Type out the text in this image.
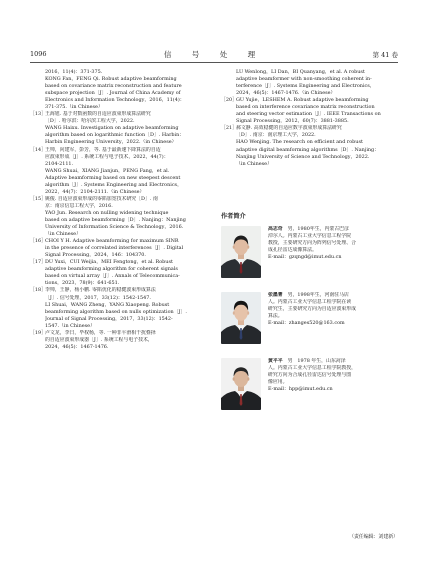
1096	信 号 处 理	第 41 卷
2016，11(4)：371-375.
KONG Fan，FENG Qi. Robust adaptive beamforming
based on covariance matrix reconstruction and feature
subspace projection［J］. Journal of China Academy of
Electronics and Information Technology，2016，11(4)：
371-375.（in Chinese）
［13］
王海旭. 基于对数函数的自适应波束形成算法研究
［D］. 哈尔滨：哈尔滨工程大学，2022.
WANG Haixu. Investigation on adaptive beamforming
algorithm based on logarithmic function［D］. Harbin：
Harbin Engineering University，2022.（in Chinese）
［14］
王帅，向建军，彭芳，等. 基于最新速下降算法的自适
应波束形成［J］. 系统工程与电子技术，2022，44(7)：
2104-2111.
WANG Shuai，XIANG Jianjun，PENG Fang，et al.
Adaptive beamforming based on new steepest descent
algorithm［J］. Systems Engineering and Electronics，
2022，44(7)：2104-2111.（in Chinese）
［15］
姚俊. 自适应波束形成的零陷加宽技术研究［D］. 南
京：南京信息工程大学，2016.
YAO Jun. Research on nulling widening technique
based on adaptive beamforming［D］. Nanjing：Nanjing
University of Information Science & Technology，2016.
（in Chinese）
［16］
CHOI Y H. Adaptive beamforming for maximum SINR
in the presence of correlated interferences［J］. Digital
Signal Processing，2024，146：104370.
［17］
DU Yuxi，CUI Weijia，MEI Fengtong，et al. Robust
adaptive beamforming algorithm for coherent signals
based on virtual array［J］. Annals of Telecommunica-
tions，2023，78(9)：641-651.
［18］
李帅，王静，杨小鹏. 零陷优化的稳健波束形成算法
［J］. 信号处理，2017，33(12)：1542-1547.
LI Shuai，WANG Zheng，YANG Xiaopeng. Robust
beamforming algorithm based on nulls optimization［J］.
Journal of Signal Processing，2017，33(12)：1542-
1547.（in Chinese）
［19］
卢文龙，李日，毕权杨，等. 一种非平滑相干扰叠择
的自适应波束形成器［J］. 系统工程与电子技术，
2024，46(5)：1467-1476.
LU Wenlong，LI Dan，BI Quanyang，et al. A robust
adaptive beamformer with non-smoothing coherent in-
terference［J］. Systems Engineering and Electronics，
2024，46(5)：1467-1476.（in Chinese）
［20］
GU Yujie，LESHEM A. Robust adaptive beamforming
based on interference covariance matrix reconstruction
and steering vector estimation［J］. IEEE Transactions on
Signal Processing，2012，60(7)：3881-3885.
［21］
郝文静. 高效稳健的自适应数字波束形成算法研究
［D］. 南京：南京理工大学，2022.
HAO Wenjing. The research on efficient and robust
adaptive digital beamforming algorithms［D］. Nanjing：
Nanjing University of Science and Technology，2022.
（in Chinese）
作者简介
高志奇　 男，1980年生，内蒙古巴彦
淖尔人。内蒙古工业大学信息工程学院
教授，主要研究方向为阵列信号处理、合
成孔径雷达成像算法。
E-mail：gzqngd@imut.edu.cn
张墨菁　 男，1998年生，河南驻马店
人。内蒙古工业大学信息工程学院在读
研究生，主要研究方向为自适应波束形成
算法。
E-mail：zhanges520@163.com
黄平平　 男　1978 年生，山东菏泽
人。内蒙古工业大学信息工程学院教授，
研究方向为合成孔径雷达信号处理与图
像应用。
E-mail：hpp@imut.edu.cn
（责任编辑：刘建新）
